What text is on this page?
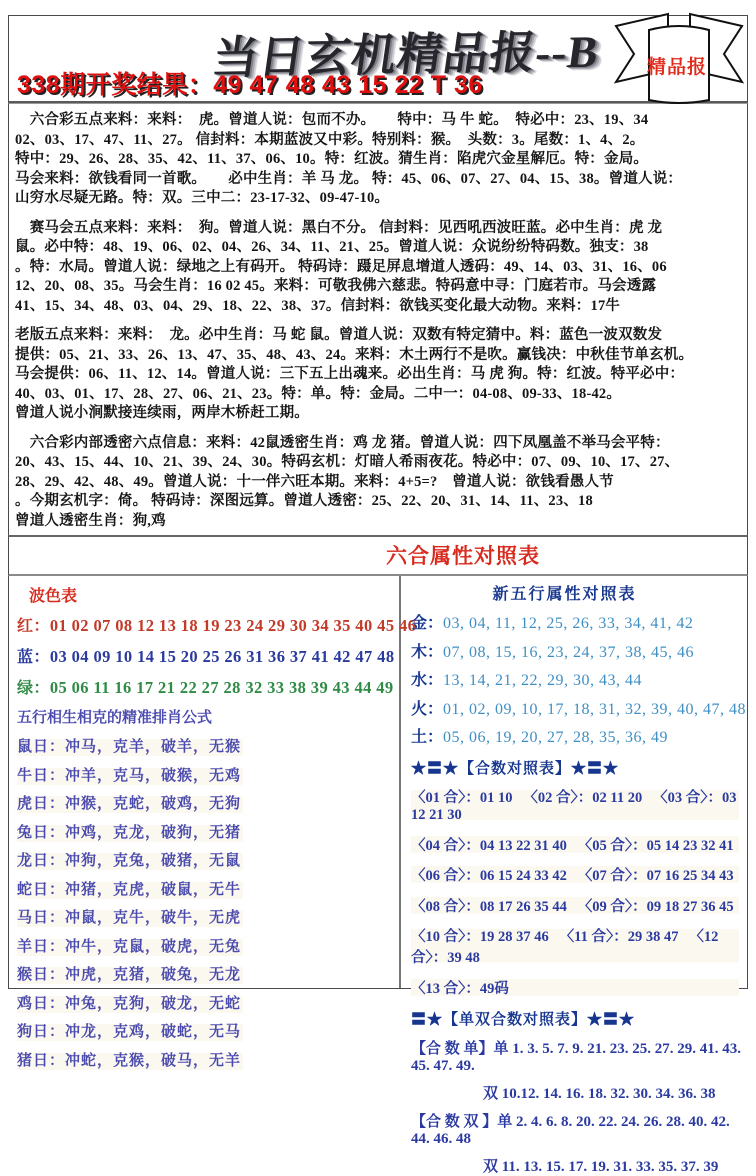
当日玄机精品报--B
338期开奖结果：49 47 48 43 15 22 T 36
精品报
　六合彩五点来料：来料：　虎。曾道人说：包而不办。　　特中：马 牛 蛇。　特必中：23、19、34
02、03、17、47、11、27。 信封料：本期蓝波又中彩。特别料：猴。　头数：3。尾数：1、4、2。
特中：29、26、28、35、42、11、37、06、10。特：红波。猜生肖：陷虎穴金星解厄。特：金局。
马会来料：欲钱看同一首歌。　　必中生肖：羊 马 龙。 特：45、06、07、27、04、15、38。曾道人说：
山穷水尽疑无路。特：双。三中二：23-17-32、09-47-10。
　赛马会五点来料：来料：　狗。曾道人说：黑白不分。 信封料：见西吼西波旺蓝。必中生肖：虎 龙
鼠。必中特：48、19、06、02、04、26、34、11、21、25。曾道人说：众说纷纷特码数。独支：38
。特：水局。曾道人说：绿地之上有码开。 特码诗：蹑足屏息增道人透码：49、14、03、31、16、06
12、20、08、35。马会生肖：16 02 45。来料：可敬我佛六慈悲。特码意中寻：门庭若市。马会透露
41、15、34、48、03、04、29、18、22、38、37。信封料：欲钱买变化最大动物。来料：17牛
老版五点来料：来料：　龙。必中生肖：马 蛇 鼠。曾道人说：双数有特定猜中。料：蓝色一波双数发
提供：05、21、33、26、13、47、35、48、43、24。来料：木土两行不是吹。赢钱决：中秋佳节单玄机。
马会提供：06、11、12、14。曾道人说：三下五上出魂来。必出生肖：马 虎 狗。特：红波。特平必中：
40、03、01、17、28、27、06、21、23。特：单。特：金局。二中一：04-08、09-33、18-42。
曾道人说小涧默接连续雨，两岸木桥赶工期。
　六合彩内部透密六点信息：来料：42鼠透密生肖：鸡 龙 猪。曾道人说：四下凤凰盖不举马会平特：
20、43、15、44、10、21、39、24、30。特码玄机：灯暗人希雨夜花。特必中：07、09、10、17、27、
28、29、42、48、49。曾道人说：十一伴六旺本期。来料：4+5=?　曾道人说：欲钱看愚人节
。今期玄机字：倚。 特码诗：深图远算。曾道人透密：25、22、20、31、14、11、23、18
曾道人透密生肖：狗,鸡
六合属性对照表
波色表
红：01 02 07 08 12 13 18 19 23 24 29 30 34 35 40 45 46
蓝：03 04 09 10 14 15 20 25 26 31 36 37 41 42 47 48
绿：05 06 11 16 17 21 22 27 28 32 33 38 39 43 44 49
五行相生相克的精准排肖公式
鼠日：冲马，克羊，破羊，无猴
牛日：冲羊，克马，破猴，无鸡
虎日：冲猴，克蛇，破鸡，无狗
兔日：冲鸡，克龙，破狗，无猪
龙日：冲狗，克兔，破猪，无鼠
蛇日：冲猪，克虎，破鼠，无牛
马日：冲鼠，克牛，破牛，无虎
羊日：冲牛，克鼠，破虎，无兔
猴日：冲虎，克猪，破兔，无龙
鸡日：冲兔，克狗，破龙，无蛇
狗日：冲龙，克鸡，破蛇，无马
猪日：冲蛇，克猴，破马，无羊
新五行属性对照表
金：03, 04, 11, 12, 25, 26, 33, 34, 41, 42
木：07, 08, 15, 16, 23, 24, 37, 38, 45, 46
水：13, 14, 21, 22, 29, 30, 43, 44
火：01, 02, 09, 10, 17, 18, 31, 32, 39, 40, 47, 48
土：05, 06, 19, 20, 27, 28, 35, 36, 49
★〓★【合数对照表】★〓★
〈01 合〉：01 10 　〈02 合〉：02 11 20 　〈03 合〉：03 12 21 30
〈04 合〉：04 13 22 31 40 　〈05 合〉：05 14 23 32 41
〈06 合〉：06 15 24 33 42 　〈07 合〉：07 16 25 34 43
〈08 合〉：08 17 26 35 44 　〈09 合〉：09 18 27 36 45
〈10 合〉：19 28 37 46 　〈11 合〉：29 38 47 　〈12 合〉：39 48
〈13 合〉：49码
〓★【单双合数对照表】★〓★
【合 数 单】单 1. 3. 5. 7. 9. 21. 23. 25. 27. 29. 41. 43. 45. 47. 49.
双 10.12. 14. 16. 18. 32. 30. 34. 36. 38
【合 数 双 】单 2. 4. 6. 8. 20. 22. 24. 26. 28. 40. 42. 44. 46. 48
双 11. 13. 15. 17. 19. 31. 33. 35. 37. 39
